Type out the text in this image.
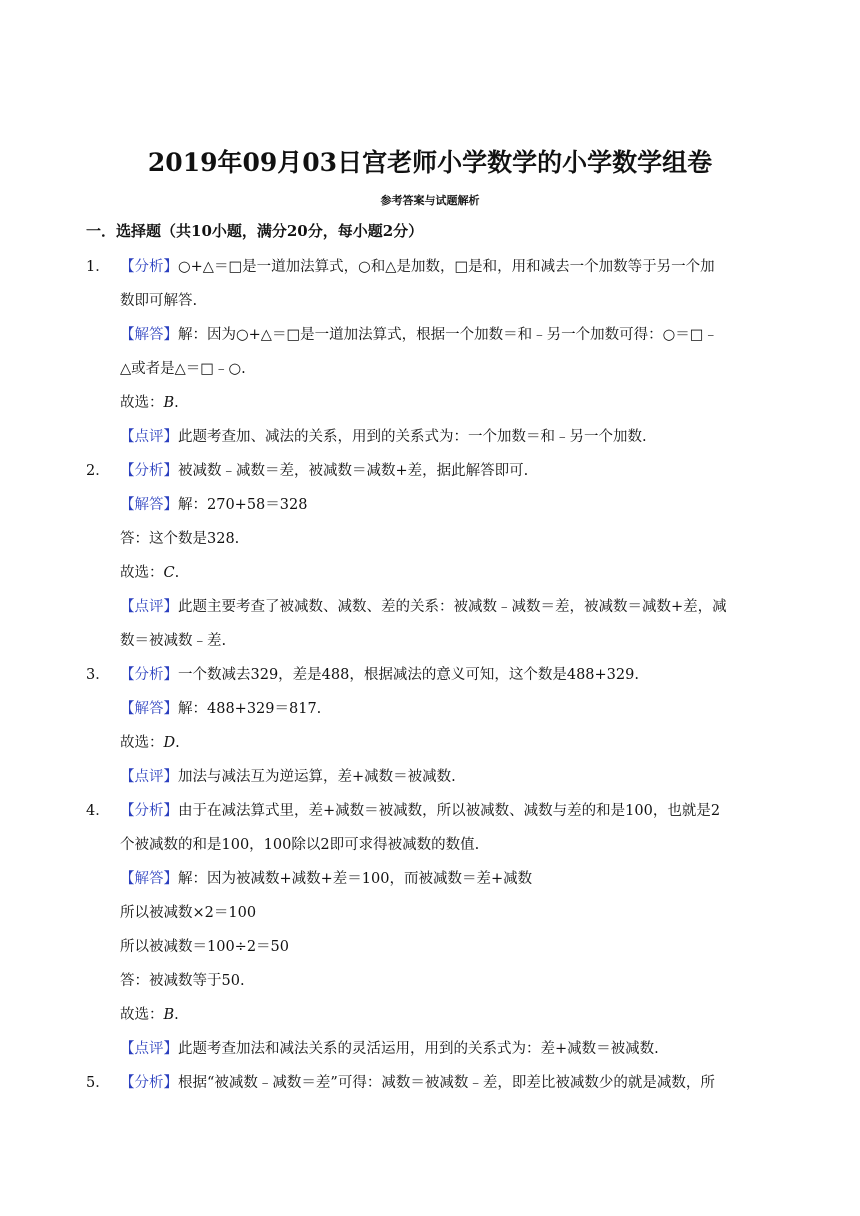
2019年09月03日宫老师小学数学的小学数学组卷
参考答案与试题解析
一．选择题（共10小题，满分20分，每小题2分）
1． 【分析】○+△＝□是一道加法算式，○和△是加数，□是和，用和减去一个加数等于另一个加
数即可解答.
【解答】解：因为○+△＝□是一道加法算式，根据一个加数＝和﹣另一个加数可得：○＝□﹣
△或者是△＝□﹣○.
故选：B.
【点评】此题考查加、减法的关系，用到的关系式为：一个加数＝和﹣另一个加数.
2． 【分析】被减数﹣减数＝差，被减数＝减数+差，据此解答即可.
【解答】解：270+58＝328
答：这个数是328.
故选：C.
【点评】此题主要考查了被减数、减数、差的关系：被减数﹣减数＝差，被减数＝减数+差，减
数＝被减数﹣差.
3． 【分析】一个数减去329，差是488，根据减法的意义可知，这个数是488+329.
【解答】解：488+329＝817.
故选：D.
【点评】加法与减法互为逆运算，差+减数＝被减数.
4． 【分析】由于在减法算式里，差+减数＝被减数，所以被减数、减数与差的和是100，也就是2
个被减数的和是100，100除以2即可求得被减数的数值.
【解答】解：因为被减数+减数+差＝100，而被减数＝差+减数
所以被减数×2＝100
所以被减数＝100÷2＝50
答：被减数等于50.
故选：B.
【点评】此题考查加法和减法关系的灵活运用，用到的关系式为：差+减数＝被减数.
5． 【分析】根据“被减数﹣减数＝差”可得：减数＝被减数﹣差，即差比被减数少的就是减数，所
